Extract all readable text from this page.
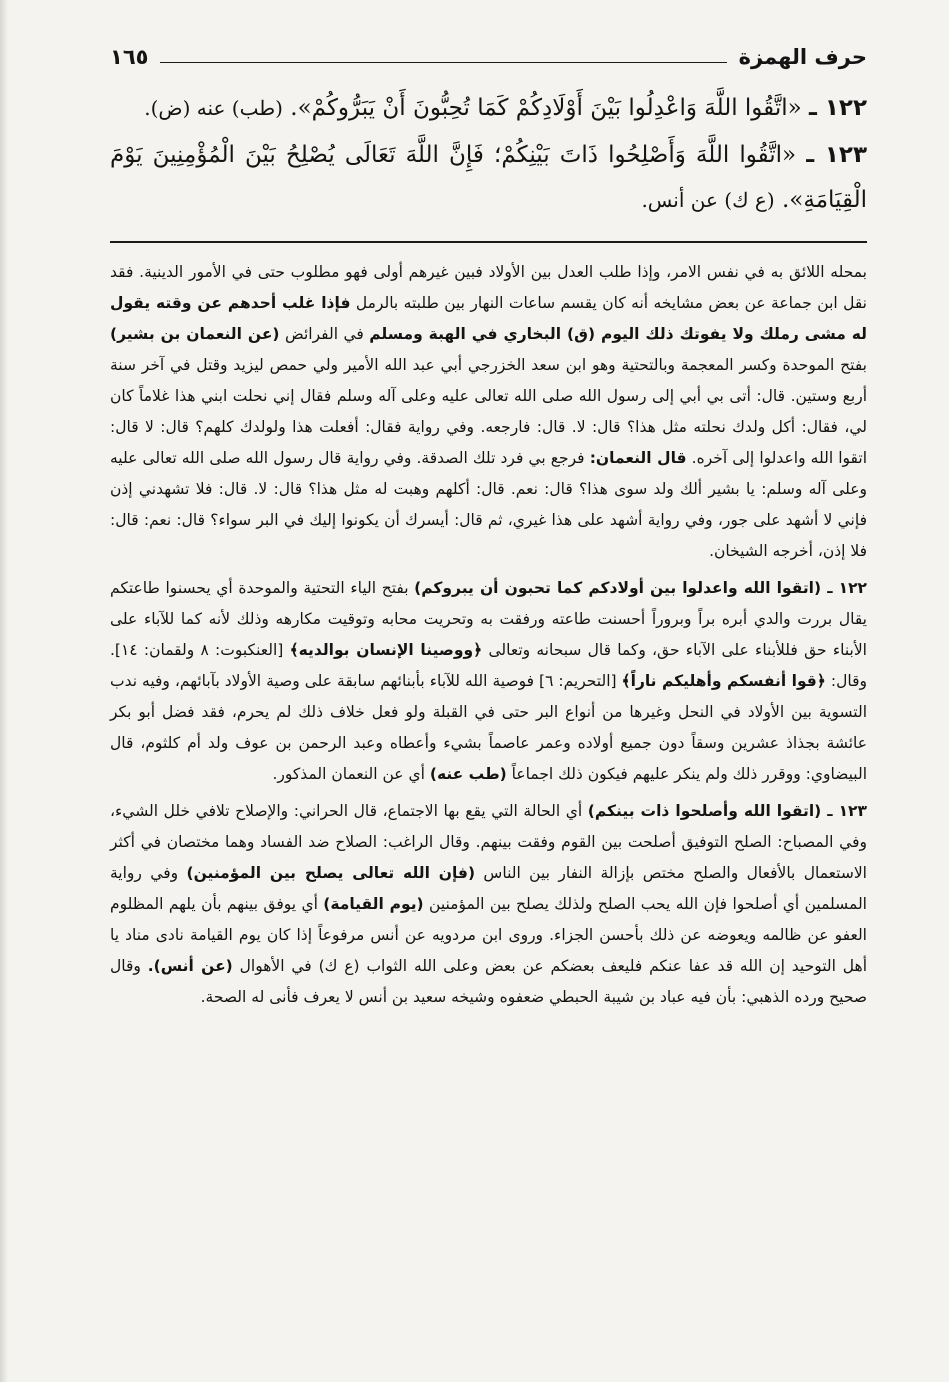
حرف الهمزة
١٦٥

١٢٢ ـ «اتَّقُوا اللَّهَ وَاعْدِلُوا بَيْنَ أَوْلَادِكُمْ كَمَا تُحِبُّونَ أَنْ يَبَرُّوكُمْ». (طب) عنه (ض).

١٢٣ ـ «اتَّقُوا اللَّهَ وَأَصْلِحُوا ذَاتَ بَيْنِكُمْ؛ فَإِنَّ اللَّهَ تَعَالَى يُصْلِحُ بَيْنَ الْمُؤْمِنِينَ يَوْمَ الْقِيَامَةِ». (ع ك) عن أنس.

بمحله اللائق به في نفس الامر، وإذا طلب العدل بين الأولاد فبين غيرهم أولى فهو مطلوب حتى في الأمور الدينية. فقد نقل ابن جماعة عن بعض مشايخه أنه كان يقسم ساعات النهار بين طلبته بالرمل فإذا غلب أحدهم عن وقته يقول له مشى رملك ولا يفوتك ذلك اليوم (ق) البخاري في الهبة ومسلم في الفرائض (عن النعمان بن بشير) بفتح الموحدة وكسر المعجمة وبالتحتية وهو ابن سعد الخزرجي أبي عبد الله الأمير ولي حمص ليزيد وقتل في آخر سنة أربع وستين. قال: أتى بي أبي إلى رسول الله صلى الله تعالى عليه وعلى آله وسلم فقال إني نحلت ابني هذا غلاماً كان لي، فقال: أكل ولدك نحلته مثل هذا؟ قال: لا. قال: فارجعه. وفي رواية فقال: أفعلت هذا ولولدك كلهم؟ قال: لا قال: اتقوا الله واعدلوا إلى آخره. قال النعمان: فرجع بي فرد تلك الصدقة. وفي رواية قال رسول الله صلى الله تعالى عليه وعلى آله وسلم: يا بشير ألك ولد سوى هذا؟ قال: نعم. قال: أكلهم وهبت له مثل هذا؟ قال: لا. قال: فلا تشهدني إذن فإني لا أشهد على جور، وفي رواية أشهد على هذا غيري، ثم قال: أيسرك أن يكونوا إليك في البر سواء؟ قال: نعم: قال: فلا إذن، أخرجه الشيخان.

١٢٢ ـ (اتقوا الله واعدلوا بين أولادكم كما تحبون أن يبروكم) بفتح الياء التحتية والموحدة أي يحسنوا طاعتكم يقال بررت والدي أبره براً وبروراً أحسنت طاعته ورفقت به وتحريت محابه وتوقيت مكارهه وذلك لأنه كما للآباء على الأبناء حق فللأبناء على الآباء حق، وكما قال سبحانه وتعالى ﴿ووصينا الإنسان بوالديه﴾ [العنكبوت: ٨ ولقمان: ١٤]. وقال: ﴿قوا أنفسكم وأهليكم ناراً﴾ [التحريم: ٦] فوصية الله للآباء بأبنائهم سابقة على وصية الأولاد بآبائهم، وفيه ندب التسوية بين الأولاد في النحل وغيرها من أنواع البر حتى في القبلة ولو فعل خلاف ذلك لم يحرم، فقد فضل أبو بكر عائشة بجذاذ عشرين وسقاً دون جميع أولاده وعمر عاصماً بشيء وأعطاه وعبد الرحمن بن عوف ولد أم كلثوم، قال البيضاوي: ووقرر ذلك ولم ينكر عليهم فيكون ذلك اجماعاً (طب عنه) أي عن النعمان المذكور.

١٢٣ ـ (اتقوا الله وأصلحوا ذات بينكم) أي الحالة التي يقع بها الاجتماع، قال الحراني: والإصلاح تلافي خلل الشيء، وفي المصباح: الصلح التوفيق أصلحت بين القوم وفقت بينهم. وقال الراغب: الصلاح ضد الفساد وهما مختصان في أكثر الاستعمال بالأفعال والصلح مختص بإزالة النفار بين الناس (فإن الله تعالى يصلح بين المؤمنين) وفي رواية المسلمين أي أصلحوا فإن الله يحب الصلح ولذلك يصلح بين المؤمنين (يوم القيامة) أي يوفق بينهم بأن يلهم المظلوم العفو عن ظالمه ويعوضه عن ذلك بأحسن الجزاء. وروى ابن مردويه عن أنس مرفوعاً إذا كان يوم القيامة نادى مناد يا أهل التوحيد إن الله قد عفا عنكم فليعف بعضكم عن بعض وعلى الله الثواب (ع ك) في الأهوال (عن أنس). وقال صحيح ورده الذهبي: بأن فيه عباد بن شيبة الحبطي ضعفوه وشيخه سعيد بن أنس لا يعرف فأنى له الصحة.
